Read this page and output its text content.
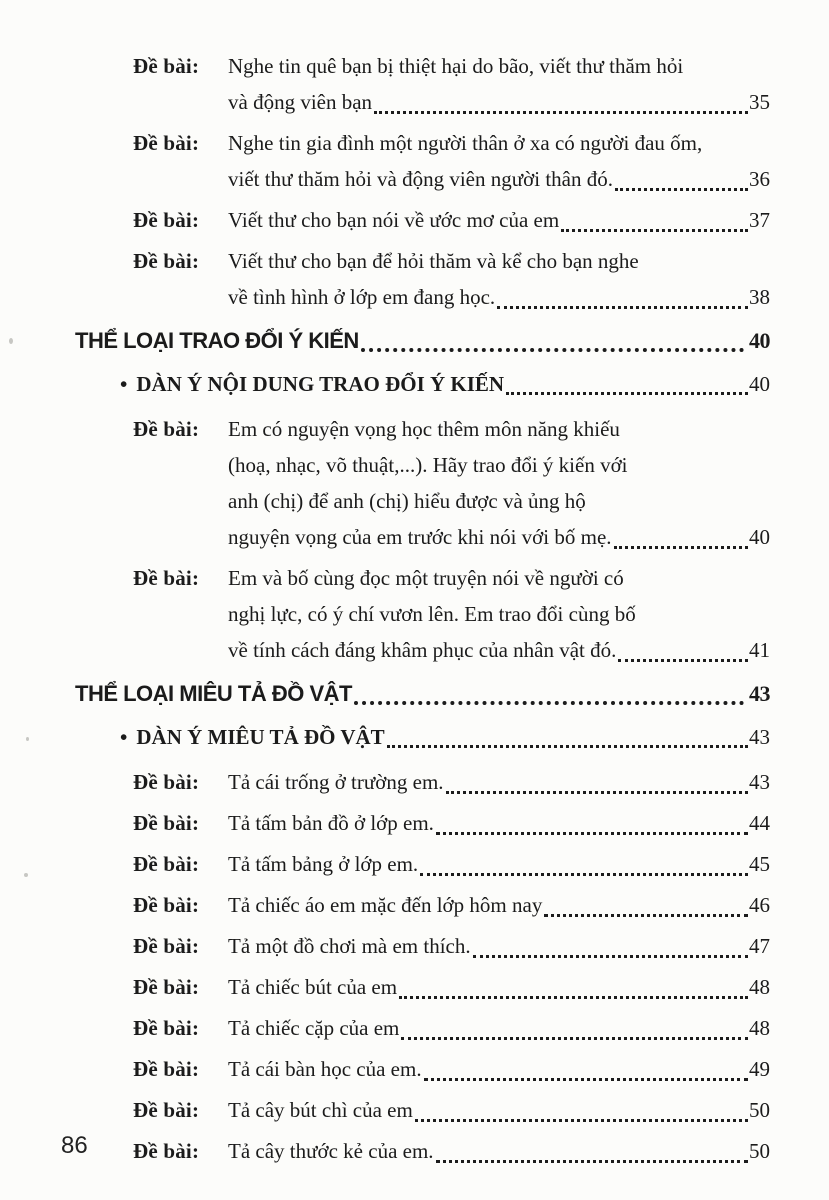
Đề bài:	Nghe tin quê bạn bị thiệt hại do bão, viết thư thăm hỏi
và động viên bạn	35
Đề bài:	Nghe tin gia đình một người thân ở xa có người đau ốm,
viết thư thăm hỏi và động viên người thân đó.	36
Đề bài:	Viết thư cho bạn nói về ước mơ của em	37
Đề bài:	Viết thư cho bạn để hỏi thăm và kể cho bạn nghe
về tình hình ở lớp em đang học.	38
THỂ LOẠI TRAO ĐỔI Ý KIẾN	40
• DÀN Ý NỘI DUNG TRAO ĐỔI Ý KIẾN	40
Đề bài:	Em có nguyện vọng học thêm môn năng khiếu
(hoạ, nhạc, võ thuật,...). Hãy trao đổi ý kiến với
anh (chị) để anh (chị) hiểu được và ủng hộ
nguyện vọng của em trước khi nói với bố mẹ.	40
Đề bài:	Em và bố cùng đọc một truyện nói về người có
nghị lực, có ý chí vươn lên. Em trao đổi cùng bố
về tính cách đáng khâm phục của nhân vật đó.	41
THỂ LOẠI MIÊU TẢ ĐỒ VẬT	43
• DÀN Ý MIÊU TẢ ĐỒ VẬT	43
Đề bài:	Tả cái trống ở trường em.	43
Đề bài:	Tả tấm bản đồ ở lớp em.	44
Đề bài:	Tả tấm bảng ở lớp em.	45
Đề bài:	Tả chiếc áo em mặc đến lớp hôm nay	46
Đề bài:	Tả một đồ chơi mà em thích.	47
Đề bài:	Tả chiếc bút của em	48
Đề bài:	Tả chiếc cặp của em	48
Đề bài:	Tả cái bàn học của em.	49
Đề bài:	Tả cây bút chì của em	50
Đề bài:	Tả cây thước kẻ của em.	50
86
